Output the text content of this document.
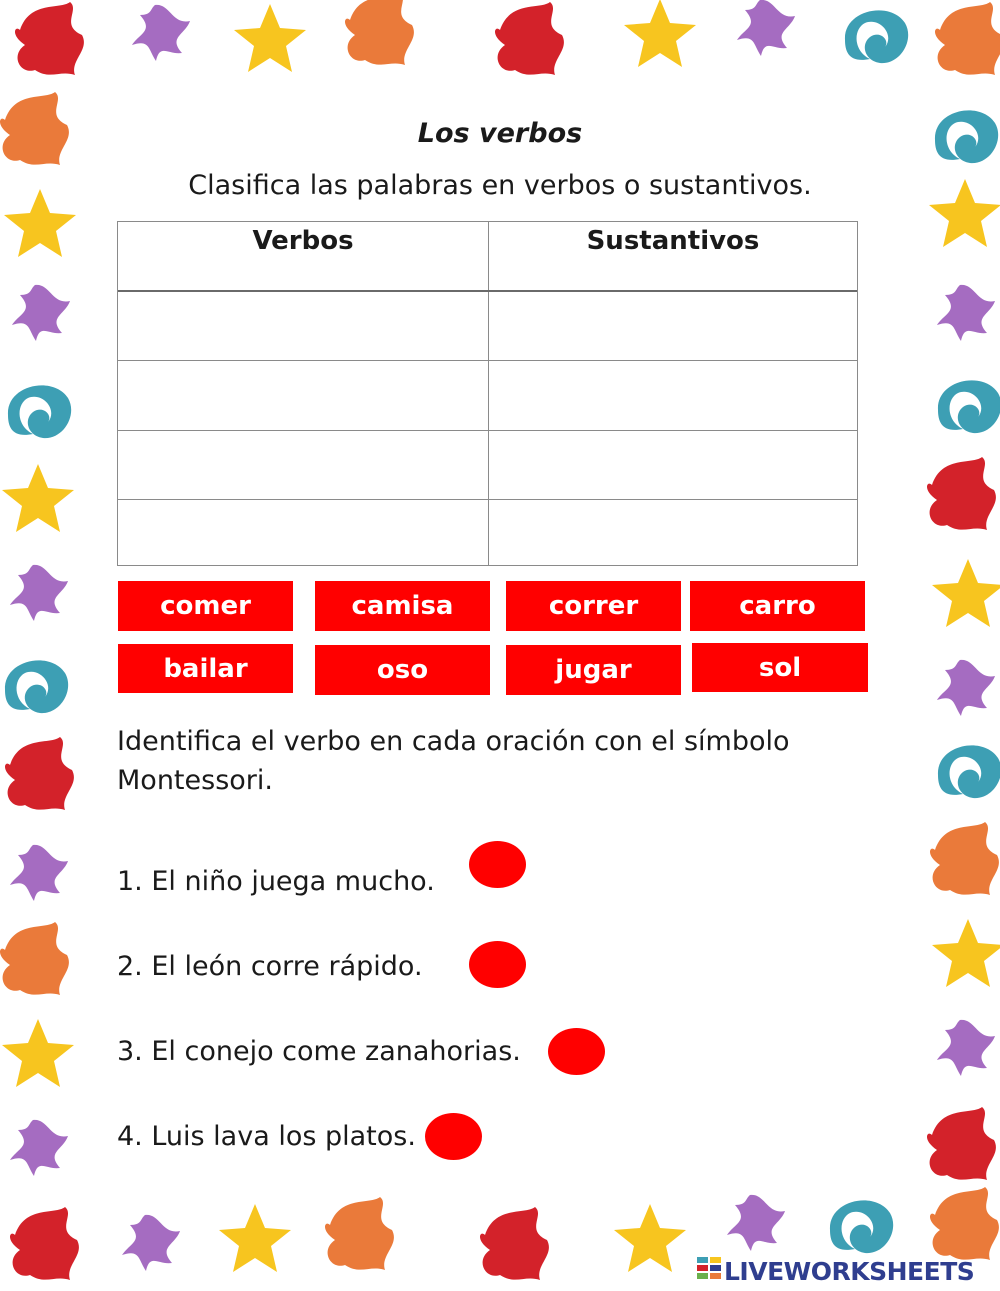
Los verbos
Clasifica las palabras en verbos o sustantivos.
Verbos	Sustantivos
comer	camisa	correr	carro
bailar	oso	jugar	sol
Identifica el verbo en cada oración con el símbolo Montessori.
1. El niño juega mucho.
2. El león corre rápido.
3. El conejo come zanahorias.
4. Luis lava los platos.
LIVEWORKSHEETS
